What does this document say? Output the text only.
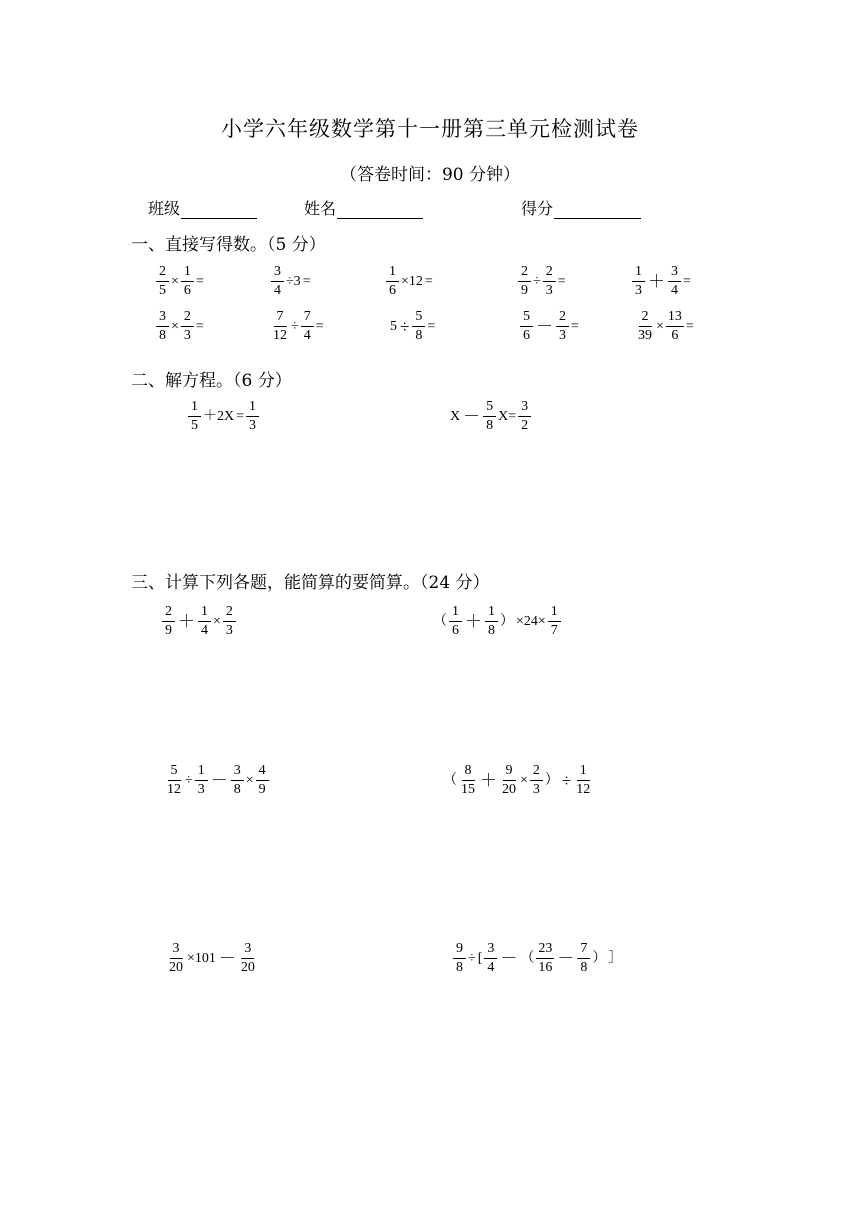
小学六年级数学第十一册第三单元检测试卷
（答卷时间：90 分钟）
班级	姓名	得分
一、直接写得数。（5 分）
$\frac{2}{5} \times \frac{1}{6}$ =	$\frac{3}{4} \div 3$ =	$\frac{1}{6} \times 12$ =	$\frac{2}{9} \div \frac{2}{3}$ =	$\frac{1}{3} + \frac{3}{4}$ =
$\frac{3}{8} \times \frac{2}{3}$ =	$\frac{7}{12} \div \frac{7}{4}$ =	$5 \div \frac{5}{8}$ =	$\frac{5}{6} - \frac{2}{3}$ =	$\frac{2}{39} \times \frac{13}{6}$ =
二、解方程。（6 分）
$\frac{1}{5} +2X = \frac{1}{3}$	$X - \frac{5}{8} X= \frac{3}{2}$
三、计算下列各题，能简算的要简算。（24 分）
$\frac{2}{9} + \frac{1}{4} \times \frac{2}{3}$	（ $\frac{1}{6} + \frac{1}{8}$ ） $\times 24\times \frac{1}{7}$
$\frac{5}{12} \div \frac{1}{3} - \frac{3}{8} \times \frac{4}{9}$	（ $\frac{8}{15} + \frac{9}{20} \times \frac{2}{3}$ ） ÷ $\frac{1}{12}$
$\frac{3}{20} \times 101 - \frac{3}{20}$	$\frac{9}{8}$ ÷ [ $\frac{3}{4}$ － （ $\frac{23}{16} - \frac{7}{8}$ ） ］
